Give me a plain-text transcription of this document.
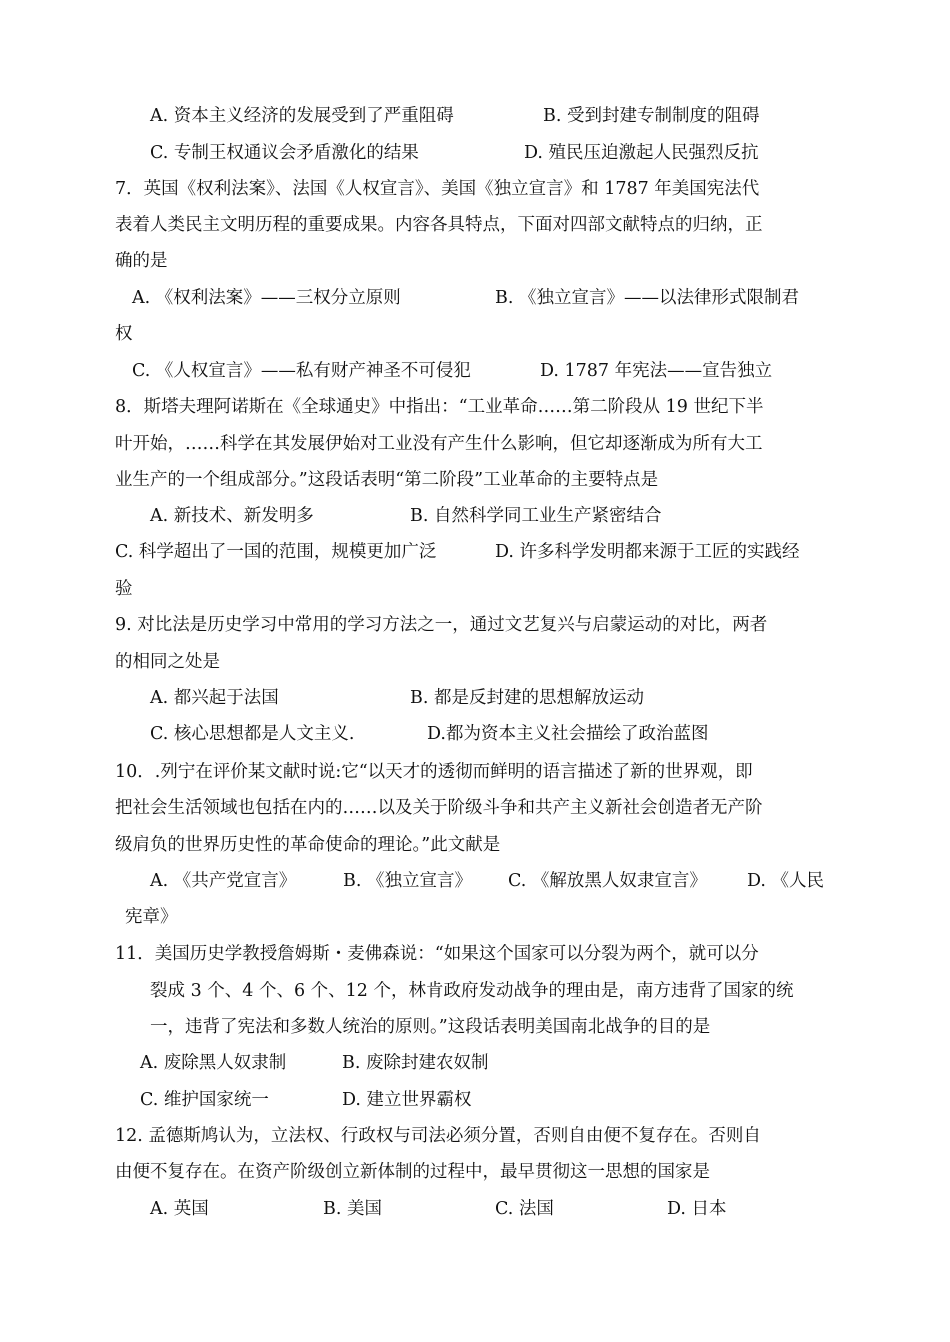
A. 资本主义经济的发展受到了严重阻碍	B. 受到封建专制制度的阻碍
C. 专制王权通议会矛盾激化的结果	D. 殖民压迫激起人民强烈反抗
7．英国《权利法案》、法国《人权宣言》、美国《独立宣言》和 1787 年美国宪法代
表着人类民主文明历程的重要成果。内容各具特点，下面对四部文献特点的归纳，正
确的是
A. 《权利法案》——三权分立原则	B. 《独立宣言》——以法律形式限制君
权
C. 《人权宣言》——私有财产神圣不可侵犯	D. 1787 年宪法——宣告独立
8．斯塔夫理阿诺斯在《全球通史》中指出：“工业革命……第二阶段从 19 世纪下半
叶开始，……科学在其发展伊始对工业没有产生什么影响，但它却逐渐成为所有大工
业生产的一个组成部分。”这段话表明“第二阶段”工业革命的主要特点是
A. 新技术、新发明多	B. 自然科学同工业生产紧密结合
C. 科学超出了一国的范围，规模更加广泛	D. 许多科学发明都来源于工匠的实践经
验
9. 对比法是历史学习中常用的学习方法之一，通过文艺复兴与启蒙运动的对比，两者
的相同之处是
A. 都兴起于法国	B. 都是反封建的思想解放运动
C. 核心思想都是人文主义.	D.都为资本主义社会描绘了政治蓝图
10．.列宁在评价某文献时说:它“以天才的透彻而鲜明的语言描述了新的世界观，即
把社会生活领域也包括在内的……以及关于阶级斗争和共产主义新社会创造者无产阶
级肩负的世界历史性的革命使命的理论。”此文献是
A. 《共产党宣言》	B. 《独立宣言》 C. 《解放黑人奴隶宣言》 D. 《人民
宪章》
11．美国历史学教授詹姆斯・麦佛森说：“如果这个国家可以分裂为两个，就可以分
裂成 3 个、4 个、6 个、12 个，林肯政府发动战争的理由是，南方违背了国家的统
一，违背了宪法和多数人统治的原则。”这段话表明美国南北战争的目的是
A. 废除黑人奴隶制	B. 废除封建农奴制
C. 维护国家统一	D. 建立世界霸权
12. 孟德斯鸠认为，立法权、行政权与司法必须分置，否则自由便不复存在。否则自
由便不复存在。在资产阶级创立新体制的过程中，最早贯彻这一思想的国家是
A. 英国	B. 美国	C. 法国	D. 日本
